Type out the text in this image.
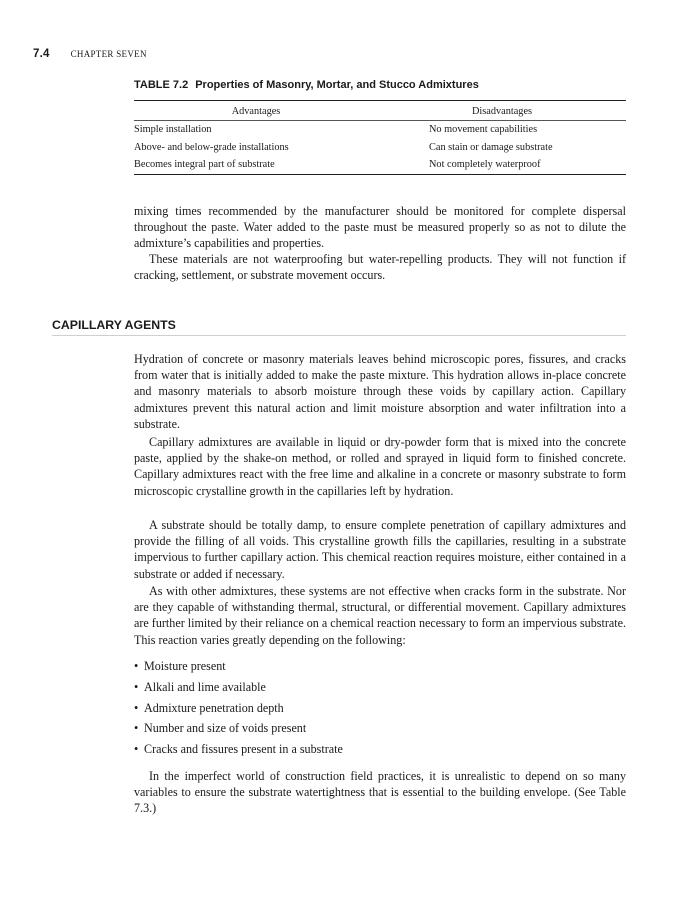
7.4 CHAPTER SEVEN
TABLE 7.2 Properties of Masonry, Mortar, and Stucco Admixtures
Advantages	Disadvantages
Simple installation	No movement capabilities
Above- and below-grade installations	Can stain or damage substrate
Becomes integral part of substrate	Not completely waterproof

mixing times recommended by the manufacturer should be monitored for complete dispersal throughout the paste. Water added to the paste must be measured properly so as not to dilute the admixture’s capabilities and properties.

These materials are not waterproofing but water-repelling products. They will not function if cracking, settlement, or substrate movement occurs.

CAPILLARY AGENTS

Hydration of concrete or masonry materials leaves behind microscopic pores, fissures, and cracks from water that is initially added to make the paste mixture. This hydration allows in-place concrete and masonry materials to absorb moisture through these voids by capillary action. Capillary admixtures prevent this natural action and limit moisture absorption and water infiltration into a substrate.

Capillary admixtures are available in liquid or dry-powder form that is mixed into the concrete paste, applied by the shake-on method, or rolled and sprayed in liquid form to finished concrete. Capillary admixtures react with the free lime and alkaline in a concrete or masonry substrate to form microscopic crystalline growth in the capillaries left by hydration.

A substrate should be totally damp, to ensure complete penetration of capillary admixtures and provide the filling of all voids. This crystalline growth fills the capillaries, resulting in a substrate impervious to further capillary action. This chemical reaction requires moisture, either contained in a substrate or added if necessary.

As with other admixtures, these systems are not effective when cracks form in the substrate. Nor are they capable of withstanding thermal, structural, or differential movement. Capillary admixtures are further limited by their reliance on a chemical reaction necessary to form an impervious substrate. This reaction varies greatly depending on the following:

• Moisture present
• Alkali and lime available
• Admixture penetration depth
• Number and size of voids present
• Cracks and fissures present in a substrate

In the imperfect world of construction field practices, it is unrealistic to depend on so many variables to ensure the substrate watertightness that is essential to the building envelope. (See Table 7.3.)
